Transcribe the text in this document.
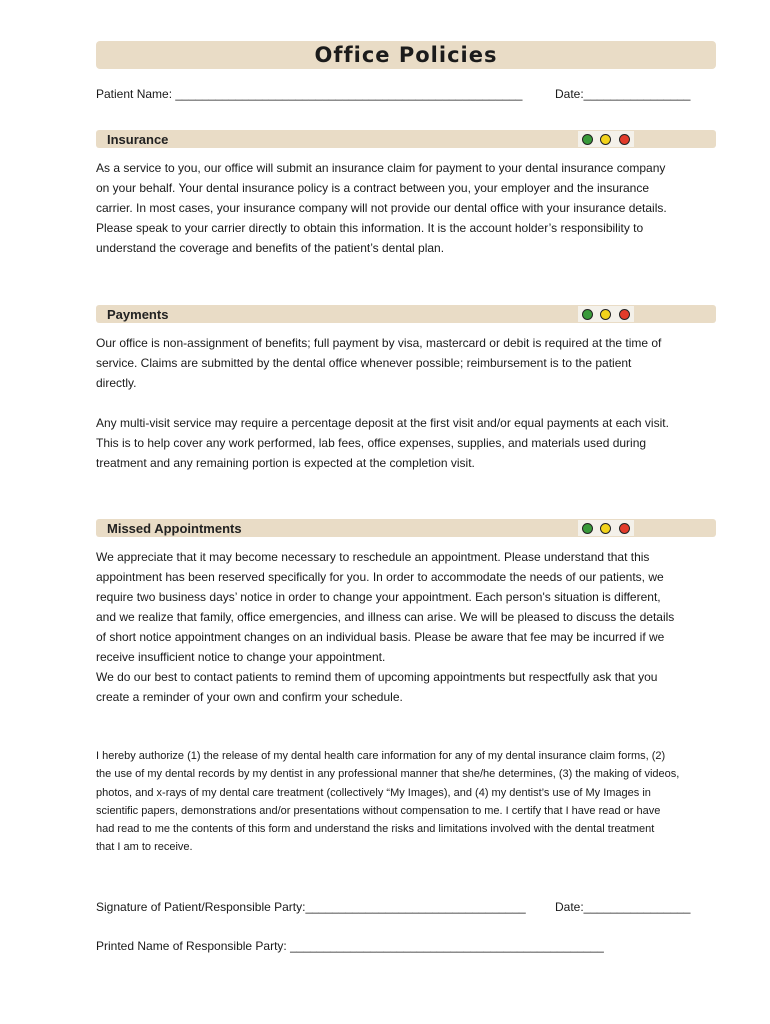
Office Policies
Patient Name: ____________________________________________________	Date:________________
Insurance
As a service to you, our office will submit an insurance claim for payment to your dental insurance company
on your behalf. Your dental insurance policy is a contract between you, your employer and the insurance
carrier. In most cases, your insurance company will not provide our dental office with your insurance details.
Please speak to your carrier directly to obtain this information. It is the account holder’s responsibility to
understand the coverage and benefits of the patient’s dental plan.
Payments
Our office is non-assignment of benefits; full payment by visa, mastercard or debit is required at the time of
service. Claims are submitted by the dental office whenever possible; reimbursement is to the patient
directly.
Any multi-visit service may require a percentage deposit at the first visit and/or equal payments at each visit.
This is to help cover any work performed, lab fees, office expenses, supplies, and materials used during
treatment and any remaining portion is expected at the completion visit.
Missed Appointments
We appreciate that it may become necessary to reschedule an appointment. Please understand that this
appointment has been reserved specifically for you. In order to accommodate the needs of our patients, we
require two business days’ notice in order to change your appointment. Each person's situation is different,
and we realize that family, office emergencies, and illness can arise. We will be pleased to discuss the details
of short notice appointment changes on an individual basis. Please be aware that fee may be incurred if we
receive insufficient notice to change your appointment.
We do our best to contact patients to remind them of upcoming appointments but respectfully ask that you
create a reminder of your own and confirm your schedule.
I hereby authorize (1) the release of my dental health care information for any of my dental insurance claim forms, (2)
the use of my dental records by my dentist in any professional manner that she/he determines, (3) the making of videos,
photos, and x-rays of my dental care treatment (collectively “My Images), and (4) my dentist’s use of My Images in
scientific papers, demonstrations and/or presentations without compensation to me. I certify that I have read or have
had read to me the contents of this form and understand the risks and limitations involved with the dental treatment
that I am to receive.
Signature of Patient/Responsible Party:_________________________________ Date:________________
Printed Name of Responsible Party: _______________________________________________
